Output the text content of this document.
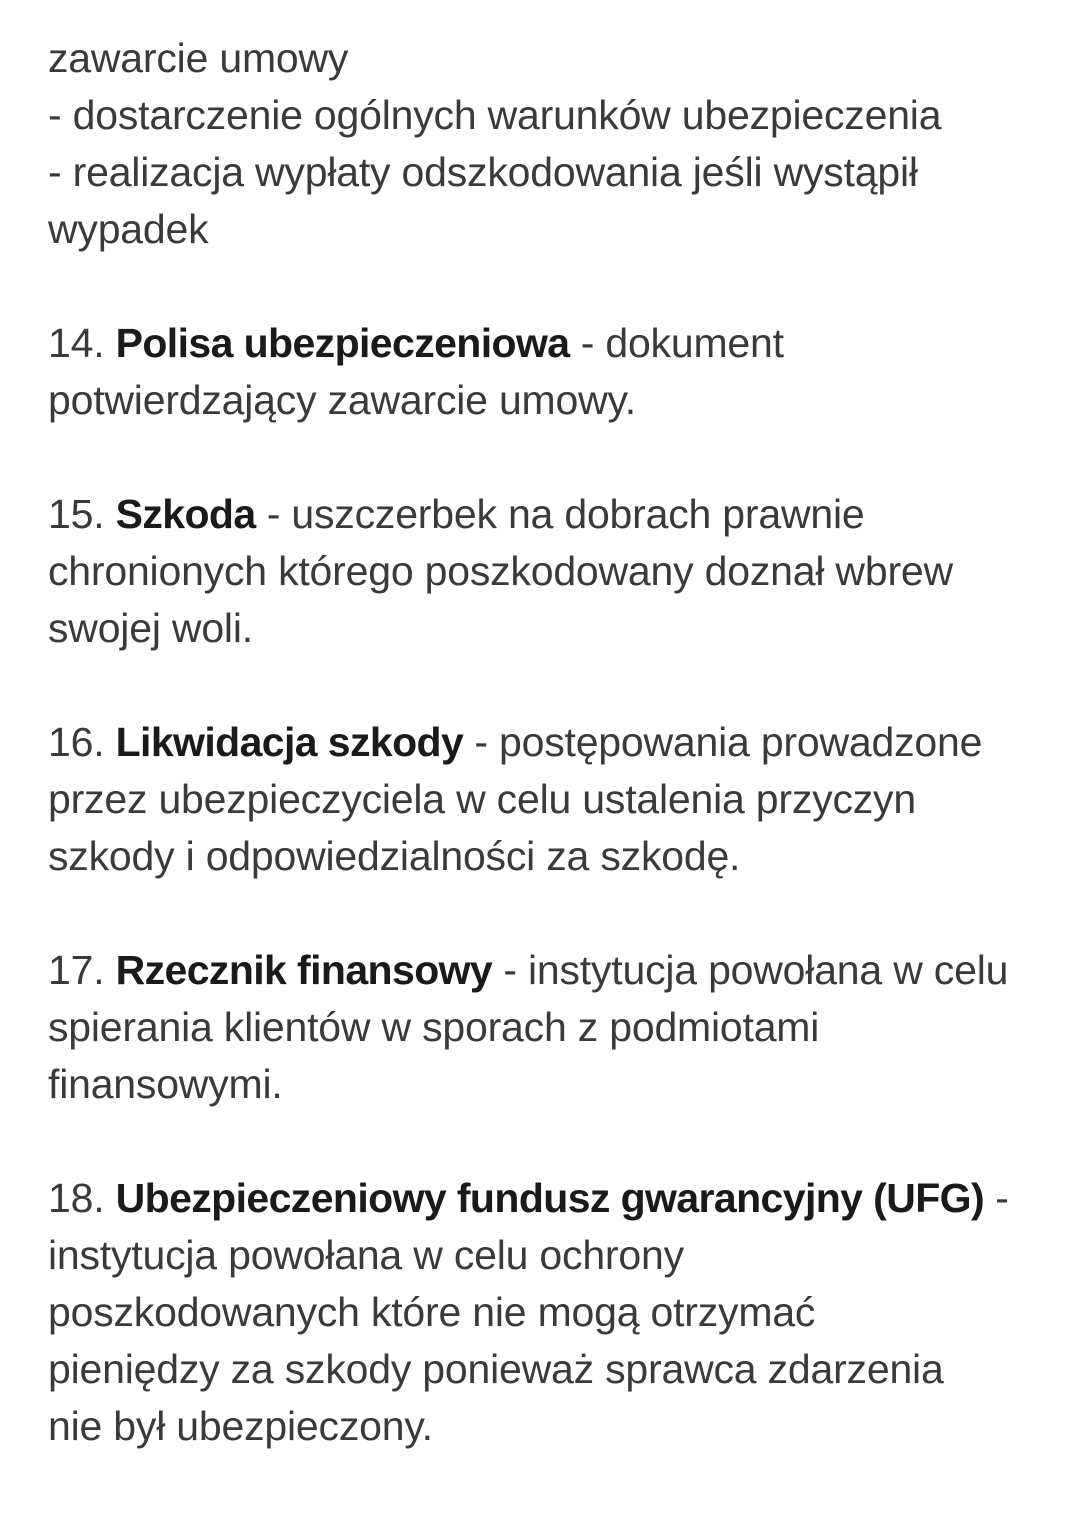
zawarcie umowy
- dostarczenie ogólnych warunków ubezpieczenia
- realizacja wypłaty odszkodowania jeśli wystąpił
wypadek
14. Polisa ubezpieczeniowa - dokument
potwierdzający zawarcie umowy.
15. Szkoda - uszczerbek na dobrach prawnie
chronionych którego poszkodowany doznał wbrew
swojej woli.
16. Likwidacja szkody - postępowania prowadzone
przez ubezpieczyciela w celu ustalenia przyczyn
szkody i odpowiedzialności za szkodę.
17. Rzecznik finansowy - instytucja powołana w celu
spierania klientów w sporach z podmiotami
finansowymi.
18. Ubezpieczeniowy fundusz gwarancyjny (UFG) -
instytucja powołana w celu ochrony
poszkodowanych które nie mogą otrzymać
pieniędzy za szkody ponieważ sprawca zdarzenia
nie był ubezpieczony.
